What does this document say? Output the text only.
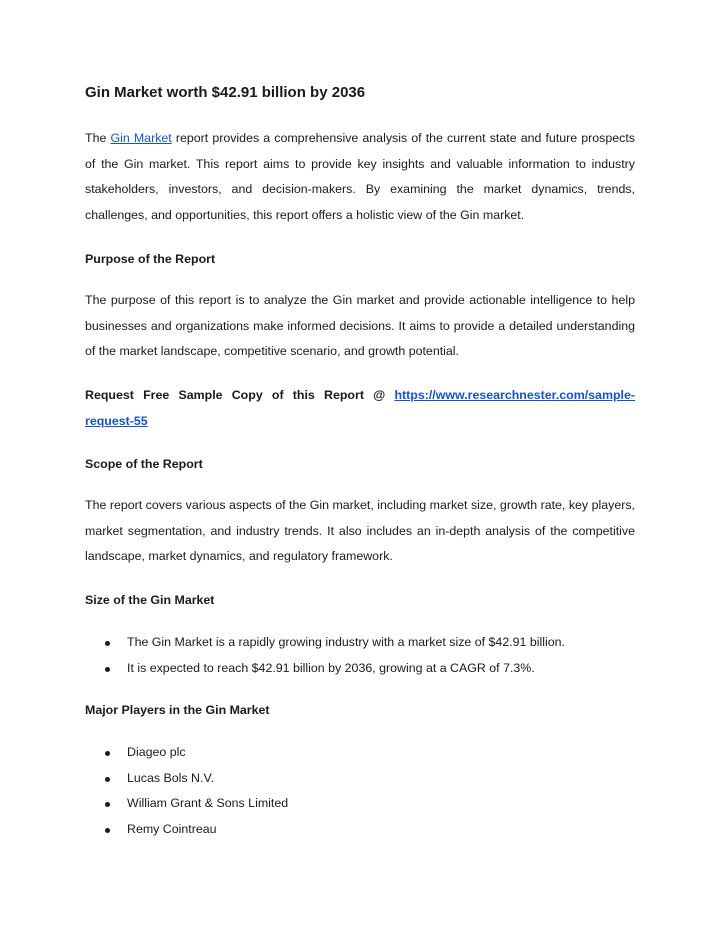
Gin Market worth $42.91 billion by 2036

The Gin Market report provides a comprehensive analysis of the current state and future prospects of the Gin market. This report aims to provide key insights and valuable information to industry stakeholders, investors, and decision-makers. By examining the market dynamics, trends, challenges, and opportunities, this report offers a holistic view of the Gin market.

Purpose of the Report

The purpose of this report is to analyze the Gin market and provide actionable intelligence to help businesses and organizations make informed decisions. It aims to provide a detailed understanding of the market landscape, competitive scenario, and growth potential.

Request Free Sample Copy of this Report @ https://www.researchnester.com/sample-request-55

Scope of the Report

The report covers various aspects of the Gin market, including market size, growth rate, key players, market segmentation, and industry trends. It also includes an in-depth analysis of the competitive landscape, market dynamics, and regulatory framework.

Size of the Gin Market
The Gin Market is a rapidly growing industry with a market size of $42.91 billion.
It is expected to reach $42.91 billion by 2036, growing at a CAGR of 7.3%.
Major Players in the Gin Market
Diageo plc
Lucas Bols N.V.
William Grant & Sons Limited
Remy Cointreau
